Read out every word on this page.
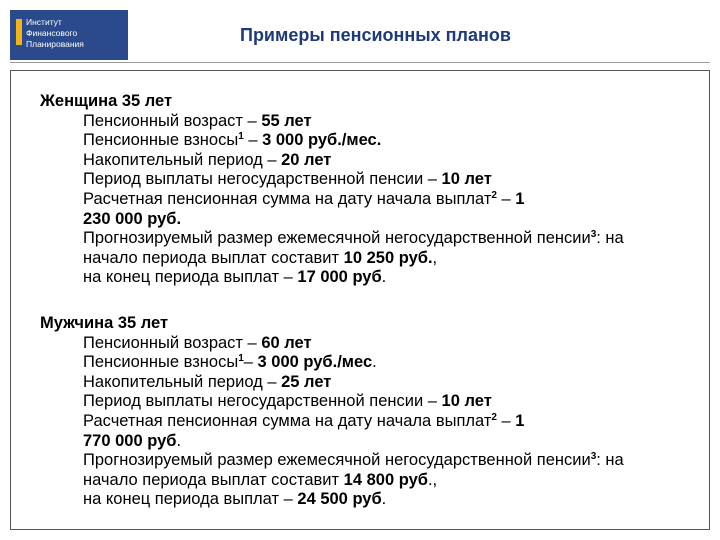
Институт
Финансового
Планирования	Примеры пенсионных планов
Женщина 35 лет
Пенсионный возраст – 55 лет
Пенсионные взносы$^1$ – 3 000 руб./мес.
Накопительный период – 20 лет
Период выплаты негосударственной пенсии – 10 лет
Расчетная пенсионная сумма на дату начала выплат$^2$ – 1
230 000 руб.
Прогнозируемый размер ежемесячной негосударственной пенсии$^3$: на начало периода выплат составит 10 250 руб.,
на конец периода выплат – 17 000 руб.
Мужчина 35 лет
Пенсионный возраст – 60 лет
Пенсионные взносы$^1$– 3 000 руб./мес.
Накопительный период – 25 лет
Период выплаты негосударственной пенсии – 10 лет
Расчетная пенсионная сумма на дату начала выплат$^2$ – 1
770 000 руб.
Прогнозируемый размер ежемесячной негосударственной пенсии$^3$: на начало периода выплат составит 14 800 руб.,
на конец периода выплат – 24 500 руб.
